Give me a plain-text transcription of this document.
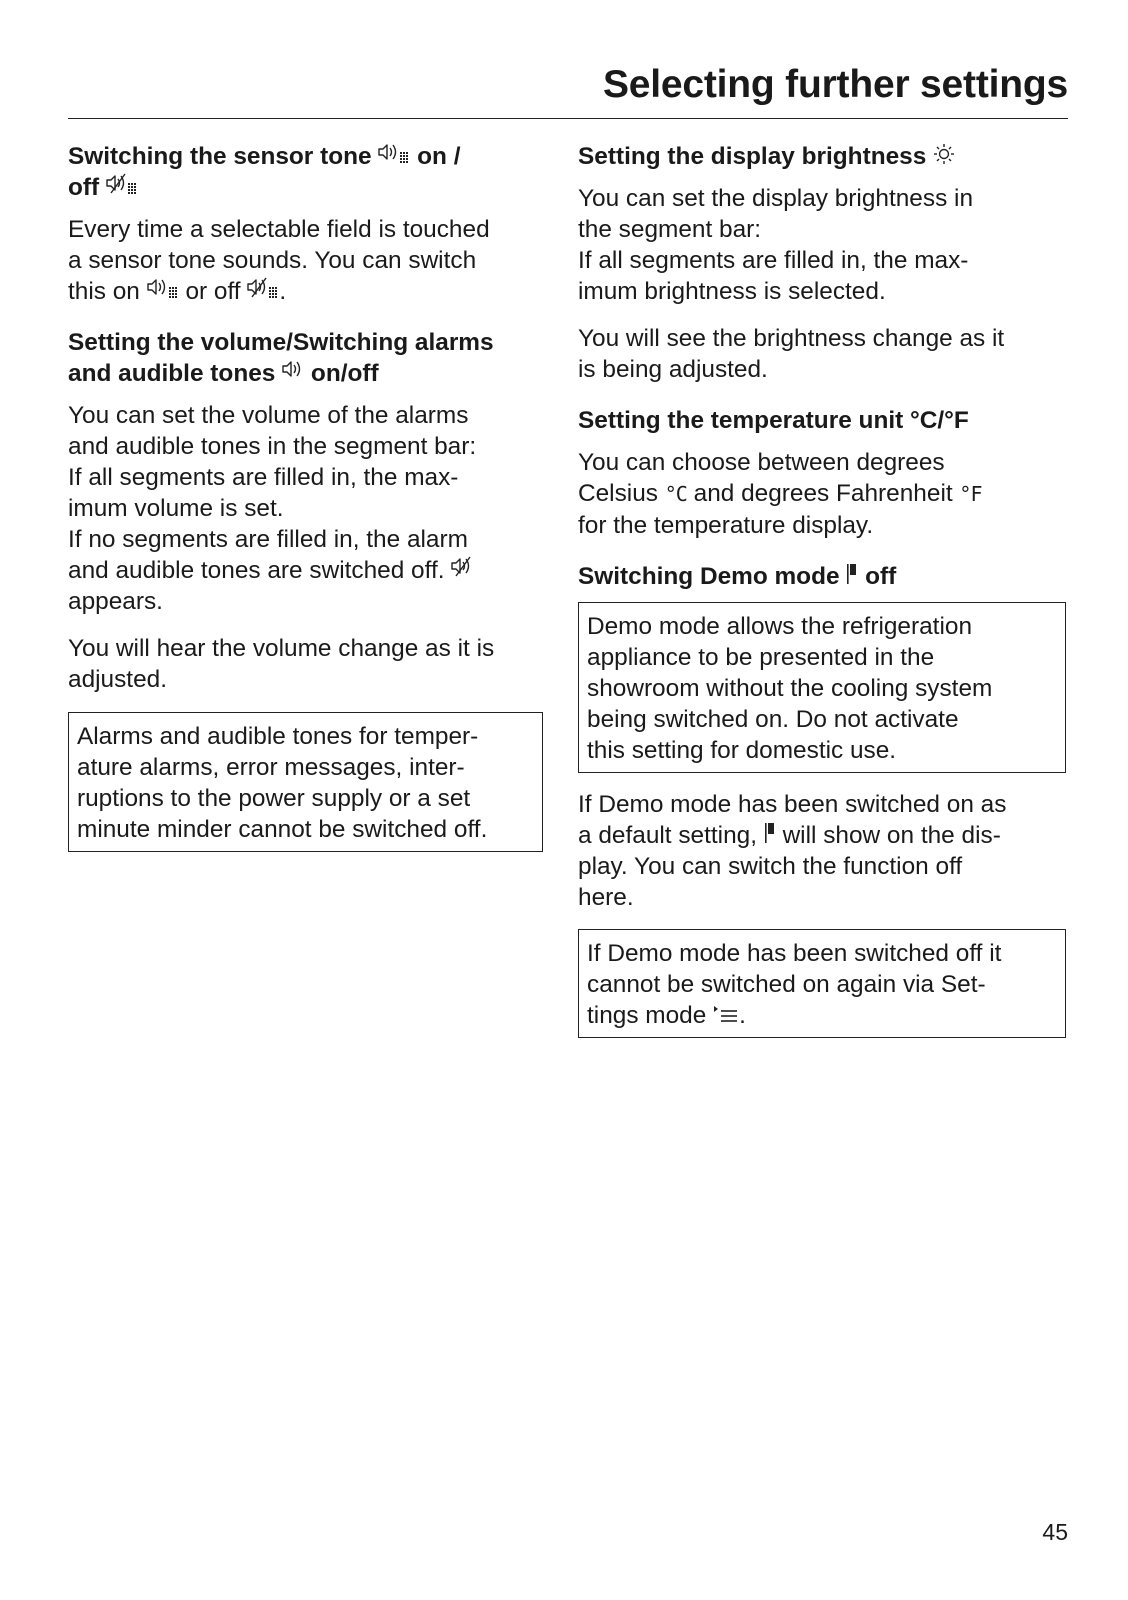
Selecting further settings
Switching the sensor tone on /
off
Every time a selectable field is touched
a sensor tone sounds. You can switch
this on or off .
Setting the volume/Switching alarms
and audible tones on/off
You can set the volume of the alarms
and audible tones in the segment bar:
If all segments are filled in, the max-
imum volume is set.
If no segments are filled in, the alarm
and audible tones are switched off.
appears.
You will hear the volume change as it is
adjusted.
Alarms and audible tones for temper-
ature alarms, error messages, inter-
ruptions to the power supply or a set
minute minder cannot be switched off.
Setting the display brightness
You can set the display brightness in
the segment bar:
If all segments are filled in, the max-
imum brightness is selected.
You will see the brightness change as it
is being adjusted.
Setting the temperature unit °C/°F
You can choose between degrees
Celsius °C and degrees Fahrenheit °F
for the temperature display.
Switching Demo mode off
Demo mode allows the refrigeration
appliance to be presented in the
showroom without the cooling system
being switched on. Do not activate
this setting for domestic use.
If Demo mode has been switched on as
a default setting, will show on the dis-
play. You can switch the function off
here.
If Demo mode has been switched off it
cannot be switched on again via Set-
tings mode .
45
